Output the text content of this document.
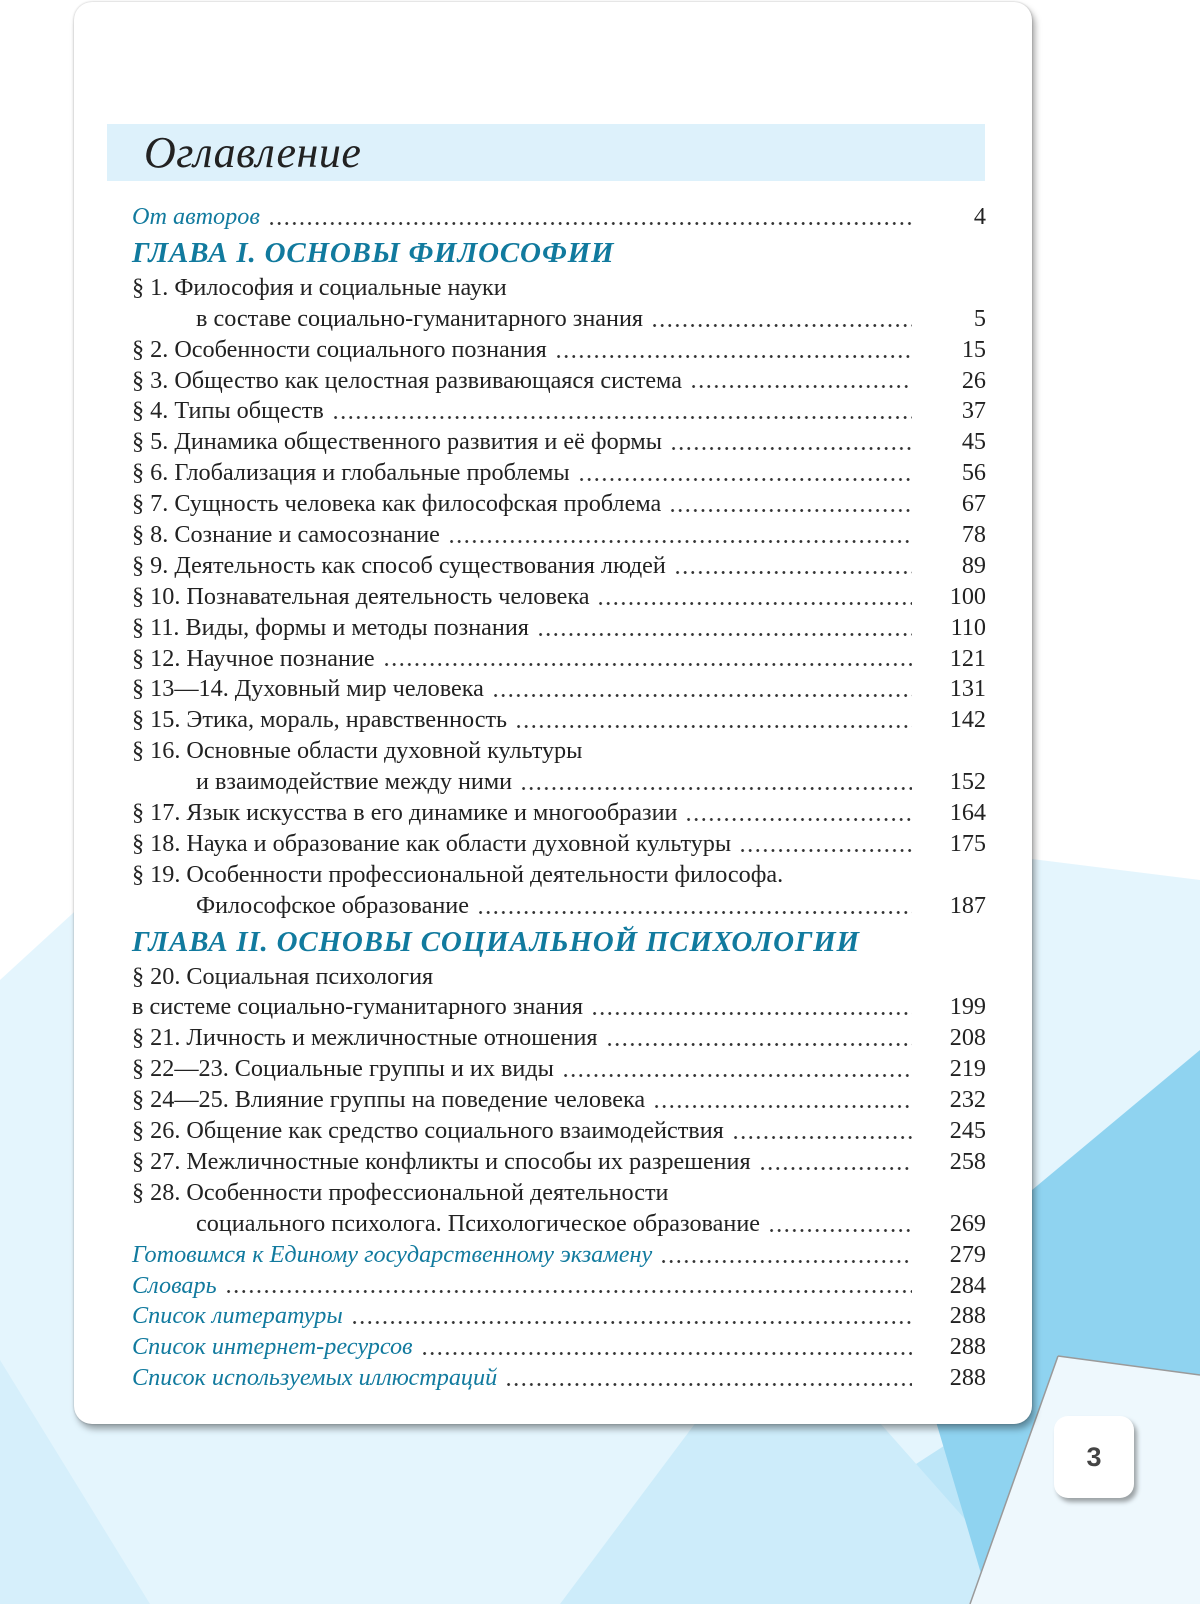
Оглавление
От авторов	4
ГЛАВА I. ОСНОВЫ ФИЛОСОФИИ
§ 1. Философия и социальные науки
в составе социально-гуманитарного знания	5
§ 2. Особенности социального познания	15
§ 3. Общество как целостная развивающаяся система	26
§ 4. Типы обществ	37
§ 5. Динамика общественного развития и её формы	45
§ 6. Глобализация и глобальные проблемы	56
§ 7. Сущность человека как философская проблема	67
§ 8. Сознание и самосознание	78
§ 9. Деятельность как способ существования людей	89
§ 10. Познавательная деятельность человека	100
§ 11. Виды, формы и методы познания	110
§ 12. Научное познание	121
§ 13—14. Духовный мир человека	131
§ 15. Этика, мораль, нравственность	142
§ 16. Основные области духовной культуры
и взаимодействие между ними	152
§ 17. Язык искусства в его динамике и многообразии	164
§ 18. Наука и образование как области духовной культуры	175
§ 19. Особенности профессиональной деятельности философа.
Философское образование	187
ГЛАВА II. ОСНОВЫ СОЦИАЛЬНОЙ ПСИХОЛОГИИ
§ 20. Социальная психология
в системе социально-гуманитарного знания	199
§ 21. Личность и межличностные отношения	208
§ 22—23. Социальные группы и их виды	219
§ 24—25. Влияние группы на поведение человека	232
§ 26. Общение как средство социального взаимодействия	245
§ 27. Межличностные конфликты и способы их разрешения	258
§ 28. Особенности профессиональной деятельности
социального психолога. Психологическое образование	269
Готовимся к Единому государственному экзамену	279
Словарь	284
Список литературы	288
Список интернет-ресурсов	288
Список используемых иллюстраций	288
3
